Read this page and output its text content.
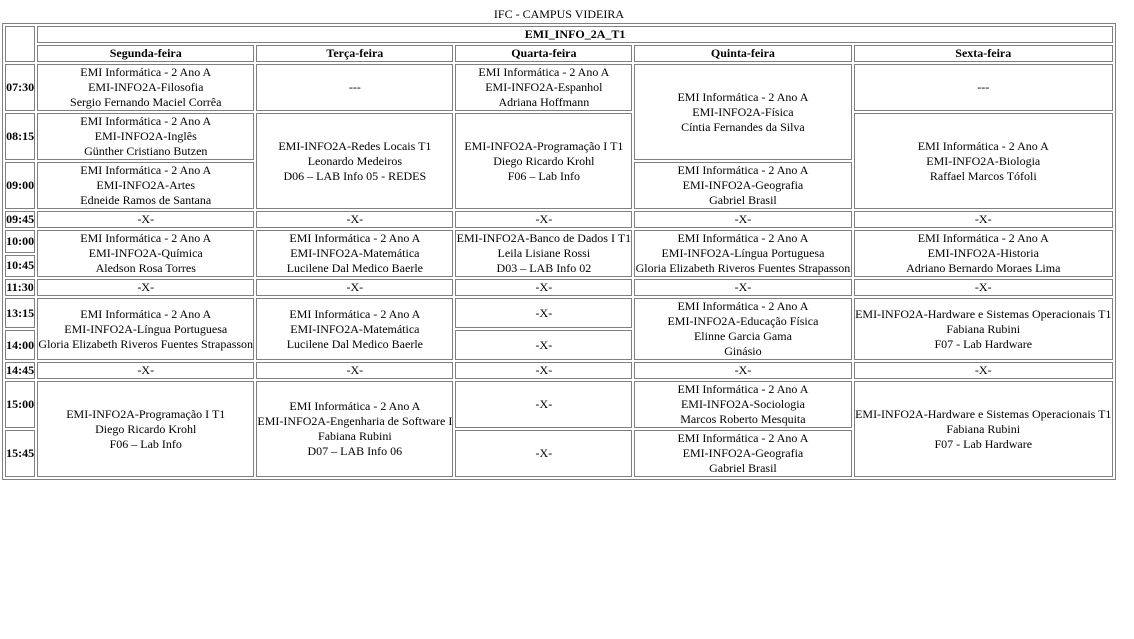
IFC - CAMPUS VIDEIRA
	EMI_INFO_2A_T1				
	Segunda-feira	Terça-feira	Quarta-feira	Quinta-feira	Sexta-feira
07:30	EMI Informática - 2 Ano A
EMI-INFO2A-Filosofia
Sergio Fernando Maciel Corrêa	---	EMI Informática - 2 Ano A
EMI-INFO2A-Espanhol
Adriana Hoffmann	EMI Informática - 2 Ano A
EMI-INFO2A-Física
Cíntia Fernandes da Silva	---

08:15	EMI Informática - 2 Ano A
EMI-INFO2A-Inglês
Günther Cristiano Butzen	EMI-INFO2A-Redes Locais T1
Leonardo Medeiros
D06 – LAB Info 05 - REDES	EMI-INFO2A-Programação I T1
Diego Ricardo Krohl
F06 – Lab Info		EMI Informática - 2 Ano A
EMI-INFO2A-Biologia
Raffael Marcos Tófoli

09:00	EMI Informática - 2 Ano A
EMI-INFO2A-Artes
Edneide Ramos de Santana			EMI Informática - 2 Ano A
EMI-INFO2A-Geografia
Gabriel Brasil	

09:45	-X-	-X-	-X-	-X-	-X-
10:00	EMI Informática - 2 Ano A
EMI-INFO2A-Química
Aledson Rosa Torres	EMI Informática - 2 Ano A
EMI-INFO2A-Matemática
Lucilene Dal Medico Baerle	EMI-INFO2A-Banco de Dados I T1
Leila Lisiane Rossi
D03 – LAB Info 02	EMI Informática - 2 Ano A
EMI-INFO2A-Língua Portuguesa
Gloria Elizabeth Riveros Fuentes Strapasson	EMI Informática - 2 Ano A
EMI-INFO2A-Historia
Adriano Bernardo Moraes Lima

10:45					
11:30	-X-	-X-	-X-	-X-	-X-
13:15	EMI Informática - 2 Ano A
EMI-INFO2A-Língua Portuguesa
Gloria Elizabeth Riveros Fuentes Strapasson	EMI Informática - 2 Ano A
EMI-INFO2A-Matemática
Lucilene Dal Medico Baerle	-X-	EMI Informática - 2 Ano A
EMI-INFO2A-Educação Física
Elinne Garcia Gama
Ginásio	EMI-INFO2A-Hardware e Sistemas Operacionais T1
Fabiana Rubini
F07 - Lab Hardware

14:00			-X-		
14:45	-X-	-X-	-X-	-X-	-X-
15:00	EMI-INFO2A-Programação I T1
Diego Ricardo Krohl
F06 – Lab Info	EMI Informática - 2 Ano A
EMI-INFO2A-Engenharia de Software I
Fabiana Rubini
D07 – LAB Info 06	-X-	EMI Informática - 2 Ano A
EMI-INFO2A-Sociologia
Marcos Roberto Mesquita	EMI-INFO2A-Hardware e Sistemas Operacionais T1
Fabiana Rubini
F07 - Lab Hardware

15:45			-X-	EMI Informática - 2 Ano A
EMI-INFO2A-Geografia
Gabriel Brasil	
